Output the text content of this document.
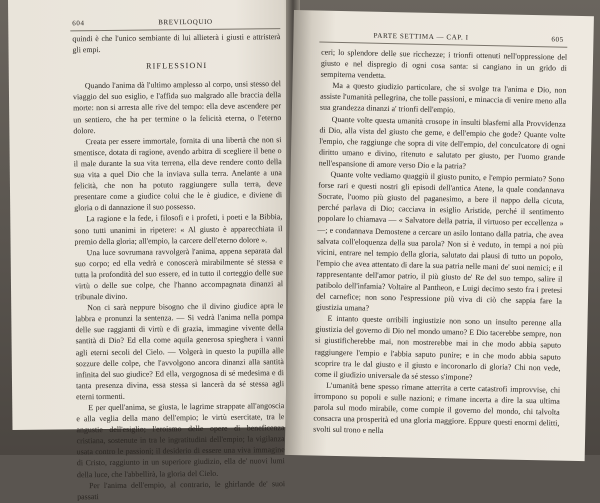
604	BREVILOQUIO

quindi è che l'unico sembiante di lui allieterà i giusti e attristerà gli empi.

RIFLESSIONI

Quando l'anima dà l'ultimo amplesso al corpo, unsi stesso del viaggio del suo esiglio, e l'affida suo malgrado alle braccia della morte: non si arresta alle rive del tempo: ella deve ascendere per un sentiero, che ha per termine o la felicità eterna, o l'eterno dolore.

Creata per essere immortale, fornita di una libertà che non si smentisce, dotata di ragione, avendo arbitra di scegliere il bene o il male durante la sua vita terrena, ella deve rendere conto della sua vita a quel Dio che la inviava sulla terra. Anelante a una felicità, che non ha potuto raggiungere sulla terra, deve presentare come a giudice colui che le è giudice, e diviene di gloria o di dannazione il suo possesso.

La ragione e la fede, i filosofi e i profeti, i poeti e la Bibbia, sono tutti unanimi in ripetere: « Al giusto è apparecchiata il premio della gloria; all'empio, la carcere dell'eterno dolore ».

Una luce sovrumana ravvolgerà l'anima, appena separata dal suo corpo; ed ella vedrà e conoscerà mirabilmente sé stessa e tutta la profondità del suo essere, ed in tutto il corteggio delle sue virtù o delle sue colpe, che l'hanno accompagnata dinanzi al tribunale divino.

Non ci sarà neppure bisogno che il divino giudice apra le labbra e pronunzi la sentenza. — Si vedrà l'anima nella pompa delle sue raggianti di virtù e di grazia, immagine vivente della santità di Dio? Ed ella come aquila generosa spieghera i vanni agli eterni secoli del Cielo. — Volgerà in questo la pupilla alle sozzure delle colpe, che l'avvolgono ancora dinanzi alla santità infinita del suo giudice? Ed ella, vergognosa di sé medesima e di tanta presenza divina, essa stessa si lancerà da sé stessa agli eterni tormenti.

E per quell'anima, se giusta, le lagrime strappate all'angoscia e alla veglia della mano dell'empio; le virtù esercitate, tra le angustie dell'esiglio; l'eroismo delle opere di beneficenza cristiana, sostenute in tra le ingratitudini dell'empio; la vigilanza usata contro le passioni; il desiderio di essere una viva immagine di Cristo, raggiunto in un superiore giudizio, ella de' nuovi lumi della luce, che l'abbellirà, la gloria del Cielo.

Per l'anima dell'empio, al contrario, le ghirlande de' suoi passati

PARTE SETTIMA — CAP. I	605

ceri; lo splendore delle sue ricchezze; i trionfi ottenuti nell'oppressione del giusto e nel dispregio di ogni cosa santa: si cangiano in un grido di sempiterna vendetta.

Ma a questo giudizio particolare, che si svolge tra l'anima e Dio, non assiste l'umanità pellegrina, che tolle passioni, e minaccia di venire meno alla sua grandezza dinanzi a' trionfi dell'empio.

Quante volte questa umanità crosope in insulti blasfemi alla Provvidenza di Dio, alla vista del giusto che geme, e dell'empio che gode? Quante volte l'empio, che raggiunge che sopra di vite dell'empio, del conculcatore di ogni diritto umano e divino, ritenuto e salutato per giusto, per l'uomo grande nell'espansione di amore verso Dio e la patria?

Quante volte vediamo quaggiù il giusto punito, e l'empio permiato? Sono forse rari e questi nostri gli episodi dell'antica Atene, la quale condannava Socrate, l'uomo più giusto del paganesimo, a bere il nappo della cicuta, perché parlava di Dio; cacciava in esiglio Aristide, perché il sentimento popolare lo chiamava — « Salvatore della patria, il virtuoso per eccellenza » —; e condannava Demostene a cercare un asilo lontano dalla patria, che avea salvata coll'eloquenza della sua parola? Non si è veduto, in tempi a noi più vicini, entrare nel tempio della gloria, salutato dai plausi di tutto un popolo, l'empio che avea attentato di dare la sua patria nelle mani de' suoi nemici; e il rappresentante dell'amor patrio, il più giusto de' Re del suo tempo, salire il patibolo dell'infamia? Voltaire al Pantheon, e Luigi decimo sesto fra i pretesi del carnefice; non sono l'espressione più viva di ciò che sappia fare la giustizia umana?

E intanto queste orribili ingiustizie non sono un insulto perenne alla giustizia del governo di Dio nel mondo umano? E Dio tacerebbe sempre, non si giustificherebbe mai, non mostrerebbe mai in che modo abbia saputo raggiungere l'empio e l'abbia saputo punire; e in che modo abbia saputo scoprire tra le dal giusto e il giusto e incoronarlo di gloria? Chi non vede, come il giudizio universale da sé stesso s'impone?

L'umanità bene spesso rimane atterrita a certe catastrofi improvvise, chi irrompono su popoli e sulle nazioni; e rimane incerta a dire la sua ultima parola sul modo mirabile, come compie il governo del mondo, chi talvolta consacra una prosperità ed una gloria maggiore. Eppure questi enormi delitti, svolti sul trono e nella
